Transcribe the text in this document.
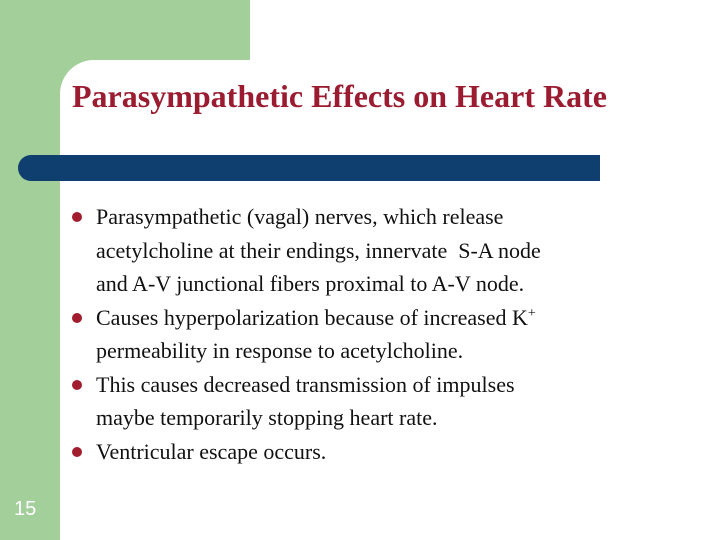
Parasympathetic Effects on Heart Rate
Parasympathetic (vagal) nerves, which release
acetylcholine at their endings, innervate  S-A node
and A-V junctional fibers proximal to A-V node.
Causes hyperpolarization because of increased K+
permeability in response to acetylcholine.
This causes decreased transmission of impulses
maybe temporarily stopping heart rate.
Ventricular escape occurs.
15
